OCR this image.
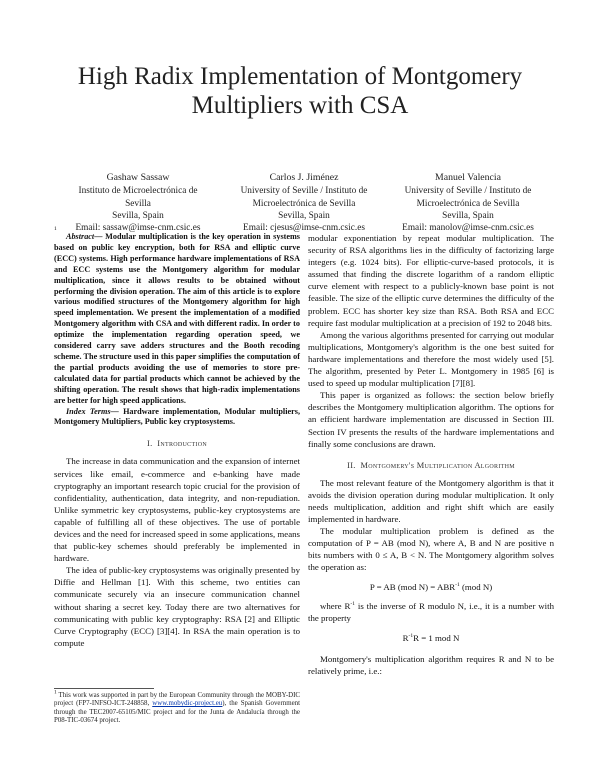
High Radix Implementation of Montgomery
Multipliers with CSA
Gashaw Sassaw
Instituto de Microelectrónica de
Sevilla
Sevilla, Spain
Email: sassaw@imse-cnm.csic.es
Carlos J. Jiménez
University of Seville / Instituto de
Microelectrónica de Sevilla
Sevilla, Spain
Email: cjesus@imse-cnm.csic.es
Manuel Valencia
University of Seville / Instituto de
Microelectrónica de Sevilla
Sevilla, Spain
Email: manolov@imse-cnm.csic.es
1

Abstract— Modular multiplication is the key operation in systems based on public key encryption, both for RSA and elliptic curve (ECC) systems. High performance hardware implementations of RSA and ECC systems use the Montgomery algorithm for modular multiplication, since it allows results to be obtained without performing the division operation. The aim of this article is to explore various modified structures of the Montgomery algorithm for high speed implementation. We present the implementation of a modified Montgomery algorithm with CSA and with different radix. In order to optimize the implementation regarding operation speed, we considered carry save adders structures and the Booth recoding scheme. The structure used in this paper simplifies the computation of the partial products avoiding the use of memories to store pre-calculated data for partial products which cannot be achieved by the shifting operation. The result shows that high-radix implementations are better for high speed applications.

Index Terms— Hardware implementation, Modular multipliers, Montgomery Multipliers, Public key cryptosystems.

I. Introduction

The increase in data communication and the expansion of internet services like email, e-commerce and e-banking have made cryptography an important research topic crucial for the provision of confidentiality, authentication, data integrity, and non-repudiation. Unlike symmetric key cryptosystems, public-key cryptosystems are capable of fulfilling all of these objectives. The use of portable devices and the need for increased speed in some applications, means that public-key schemes should preferably be implemented in hardware.

The idea of public-key cryptosystems was originally presented by Diffie and Hellman [1]. With this scheme, two entities can communicate securely via an insecure communication channel without sharing a secret key. Today there are two alternatives for communicating with public key cryptography: RSA [2] and Elliptic Curve Cryptography (ECC) [3][4]. In RSA the main operation is to compute

$^1$ This work was supported in part by the European Community through the MOBY-DIC project (FP7-INFSO-ICT-248858, www.mobydic-project.eu), the Spanish Government through the TEC2007-65105/MIC project and for the Junta de Andalucía through the P08-TIC-03674 project.

modular exponentiation by repeat modular multiplication. The security of RSA algorithms lies in the difficulty of factorizing large integers (e.g. 1024 bits). For elliptic-curve-based protocols, it is assumed that finding the discrete logarithm of a random elliptic curve element with respect to a publicly-known base point is not feasible. The size of the elliptic curve determines the difficulty of the problem. ECC has shorter key size than RSA. Both RSA and ECC require fast modular multiplication at a precision of 192 to 2048 bits.

Among the various algorithms presented for carrying out modular multiplications, Montgomery's algorithm is the one best suited for hardware implementations and therefore the most widely used [5]. The algorithm, presented by Peter L. Montgomery in 1985 [6] is used to speed up modular multiplication [7][8].

This paper is organized as follows: the section below briefly describes the Montgomery multiplication algorithm. The options for an efficient hardware implementation are discussed in Section III. Section IV presents the results of the hardware implementations and finally some conclusions are drawn.

II. Montgomery's Multiplication Algorithm

The most relevant feature of the Montgomery algorithm is that it avoids the division operation during modular multiplication. It only needs multiplication, addition and right shift which are easily implemented in hardware.

The modular multiplication problem is defined as the computation of P = AB (mod N), where A, B and N are positive n bits numbers with 0 ≤ A, B < N. The Montgomery algorithm solves the operation as:

P = AB (mod $N) = ABR^{-1}$ (mod N)

where $R^{-1}$ is the inverse of R modulo N, i.e., it is a number with the property

$R^{-1}R = 1$ mod N

Montgomery's multiplication algorithm requires R and N to be relatively prime, i.e.:
